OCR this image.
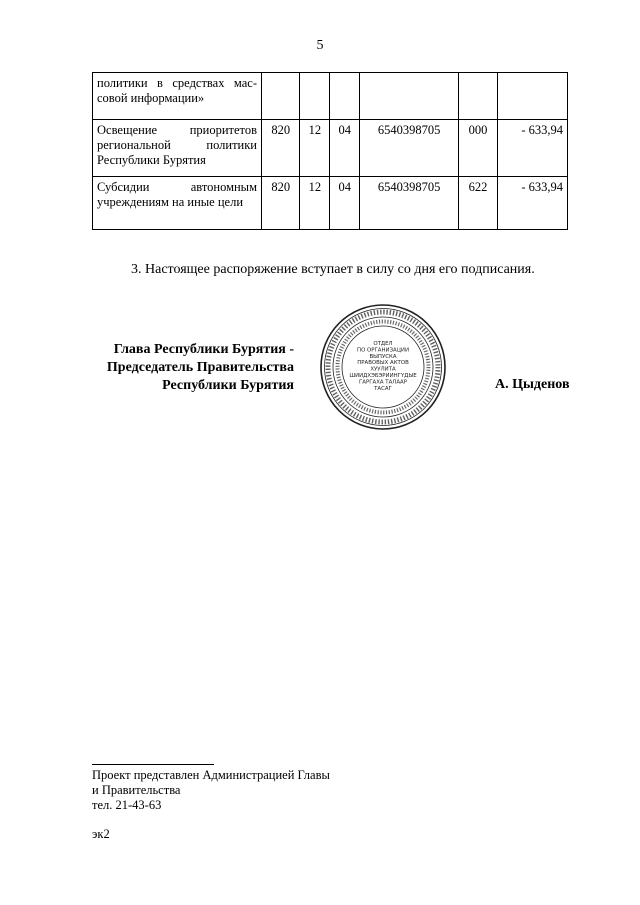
5
политики в средствах мас-совой информации»						
Освещение приоритетов региональной политики Республики Бурятия	820	12	04	6540398705	000	- 633,94
Субсидии автономным учреждениям на иные цели	820	12	04	6540398705	622	- 633,94
3. Настоящее распоряжение вступает в силу со дня его подписания.
Глава Республики Бурятия -
Председатель Правительства
Республики Бурятия
ОТДЕЛ
ПО ОРГАНИЗАЦИИ
ВЫПУСКА
ПРАВОВЫХ АКТОВ
ХУУЛИТА
ШИИДХЭБЭРИИНГҮДЫЕ
ГАРГАХА ТАЛААР
ТАСАГ	А. Цыденов
Проект представлен Администрацией Главы
и Правительства
тел. 21-43-63
эк2
